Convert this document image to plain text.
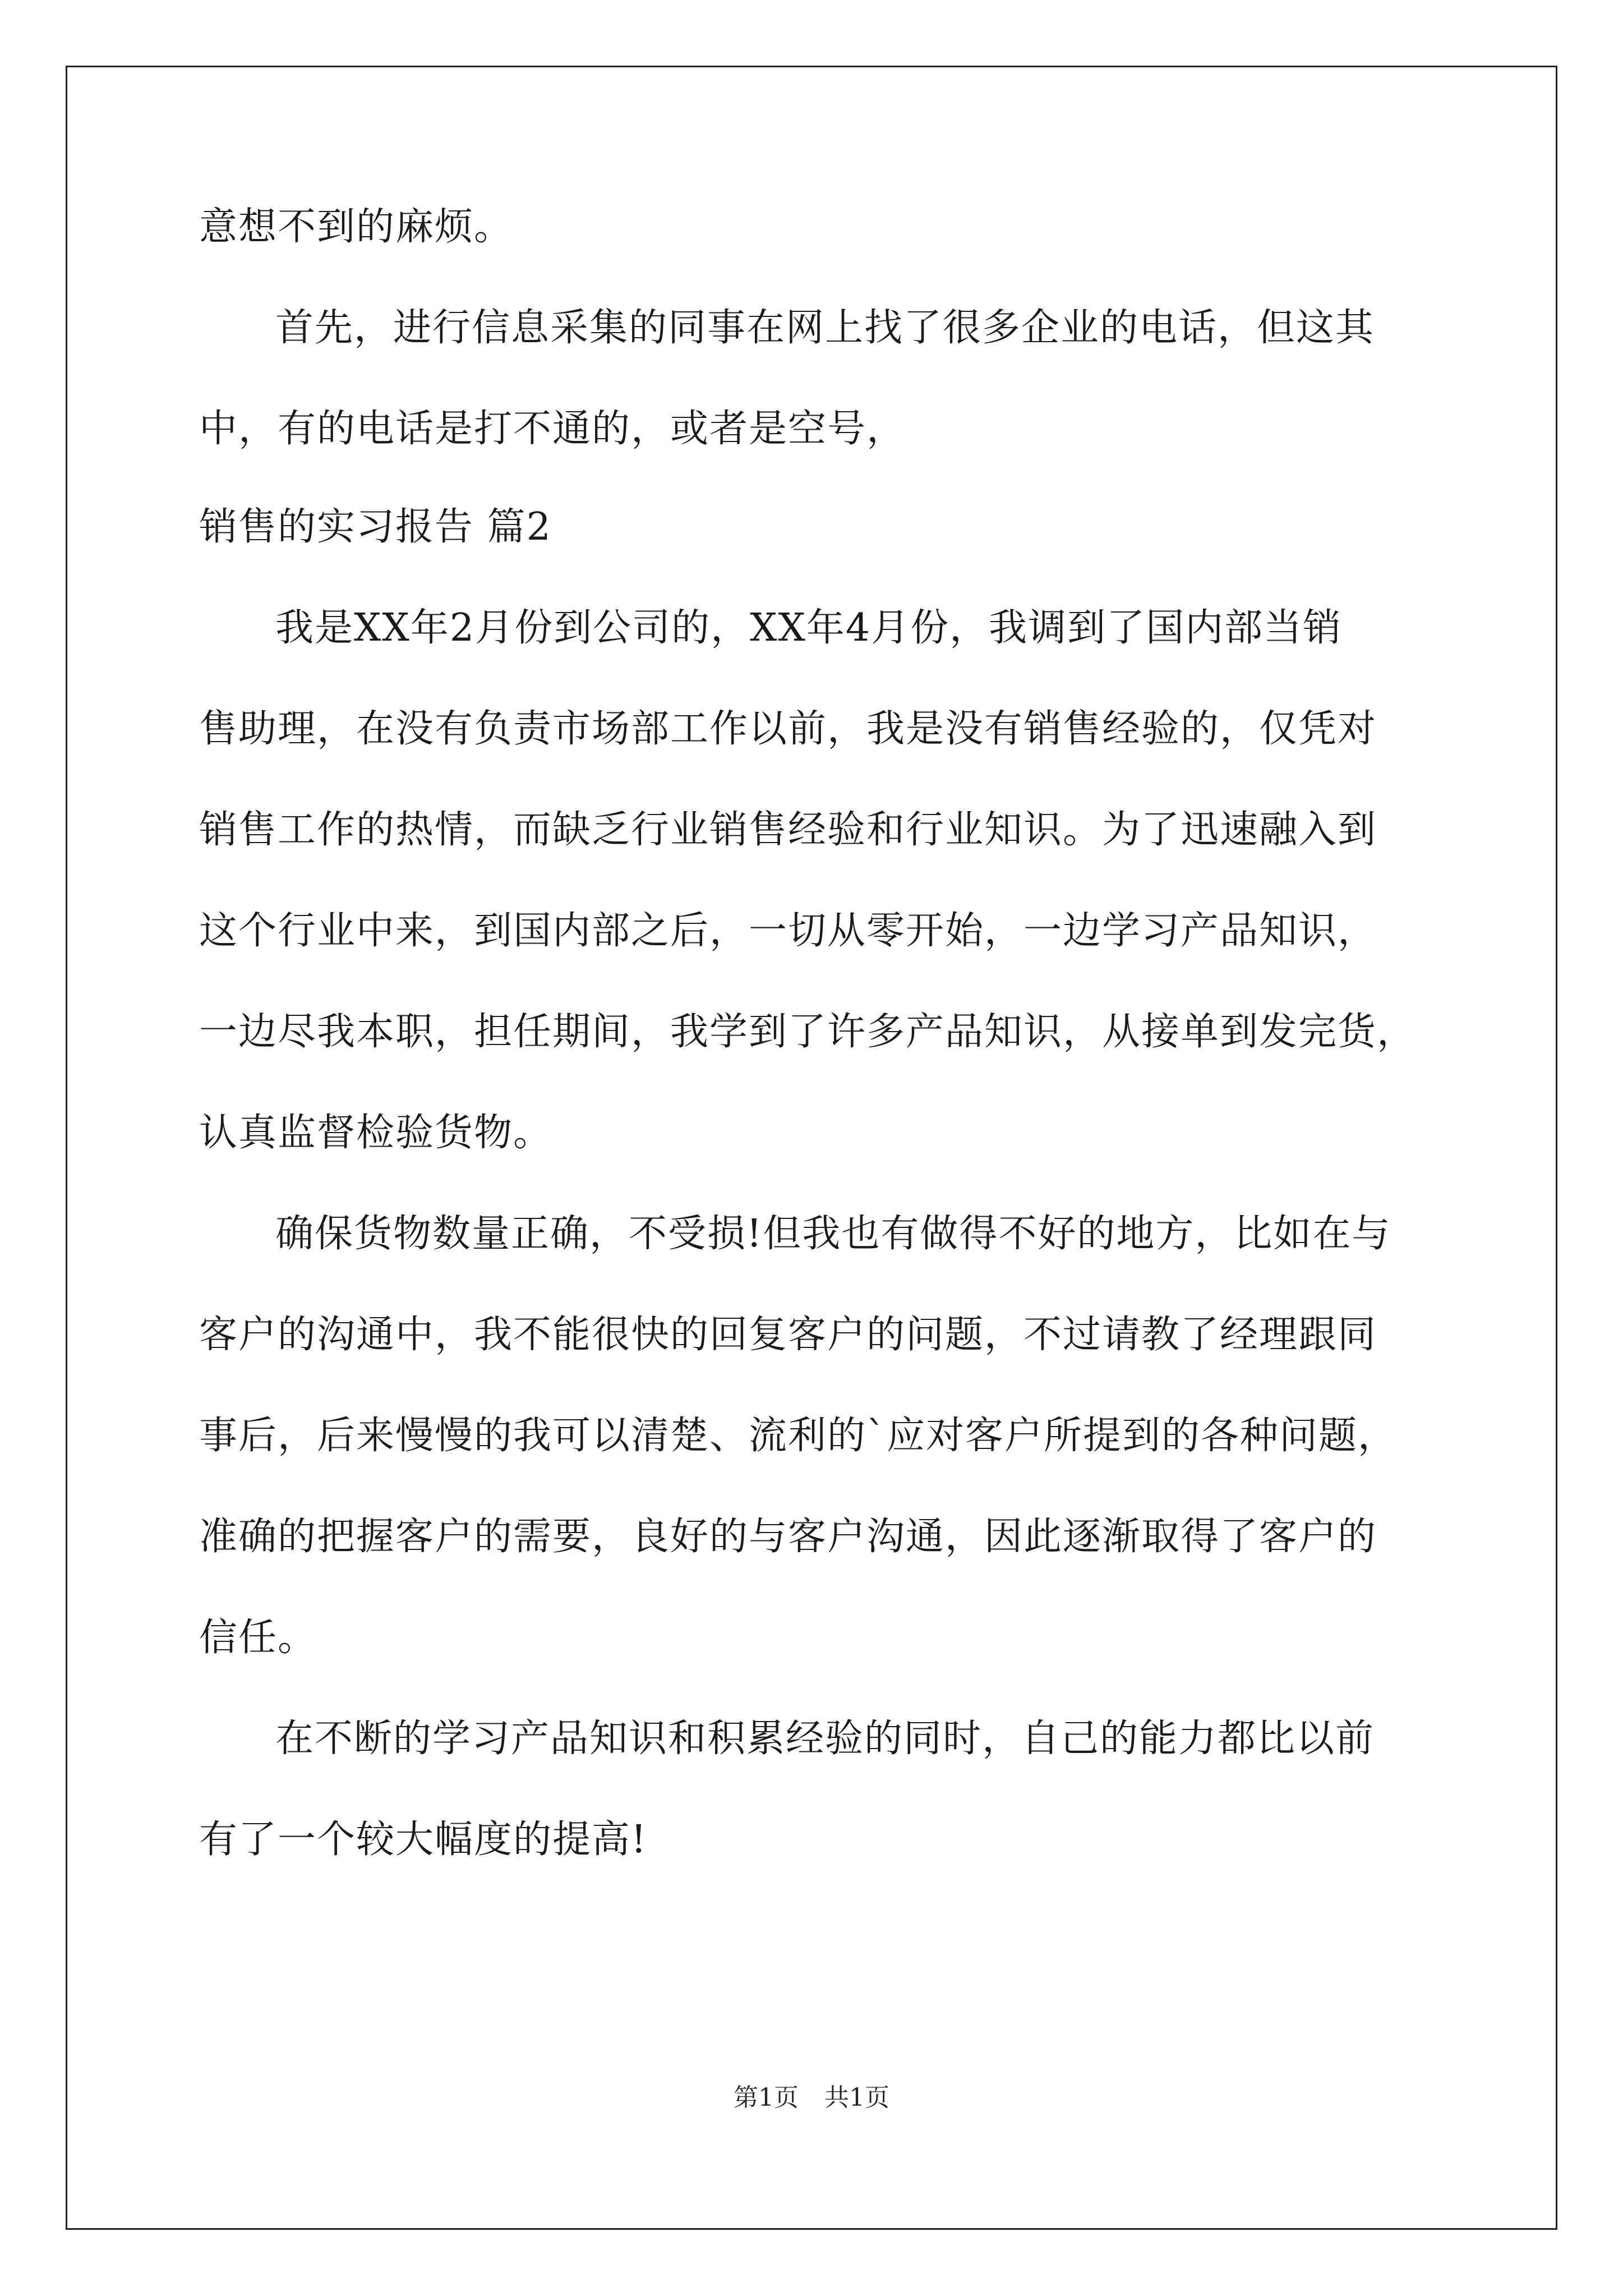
意想不到的麻烦。
首先，进行信息采集的同事在网上找了很多企业的电话，但这其
中，有的电话是打不通的，或者是空号，
销售的实习报告 篇2
我是XX年2月份到公司的，XX年4月份，我调到了国内部当销
售助理，在没有负责市场部工作以前，我是没有销售经验的，仅凭对
销售工作的热情，而缺乏行业销售经验和行业知识。为了迅速融入到
这个行业中来，到国内部之后，一切从零开始，一边学习产品知识，
一边尽我本职，担任期间，我学到了许多产品知识，从接单到发完货，
认真监督检验货物。
确保货物数量正确，不受损!但我也有做得不好的地方，比如在与
客户的沟通中，我不能很快的回复客户的问题，不过请教了经理跟同
事后，后来慢慢的我可以清楚、流利的`应对客户所提到的各种问题，
准确的把握客户的需要，良好的与客户沟通，因此逐渐取得了客户的
信任。
在不断的学习产品知识和积累经验的同时，自己的能力都比以前
有了一个较大幅度的提高!
第1页 共1页
